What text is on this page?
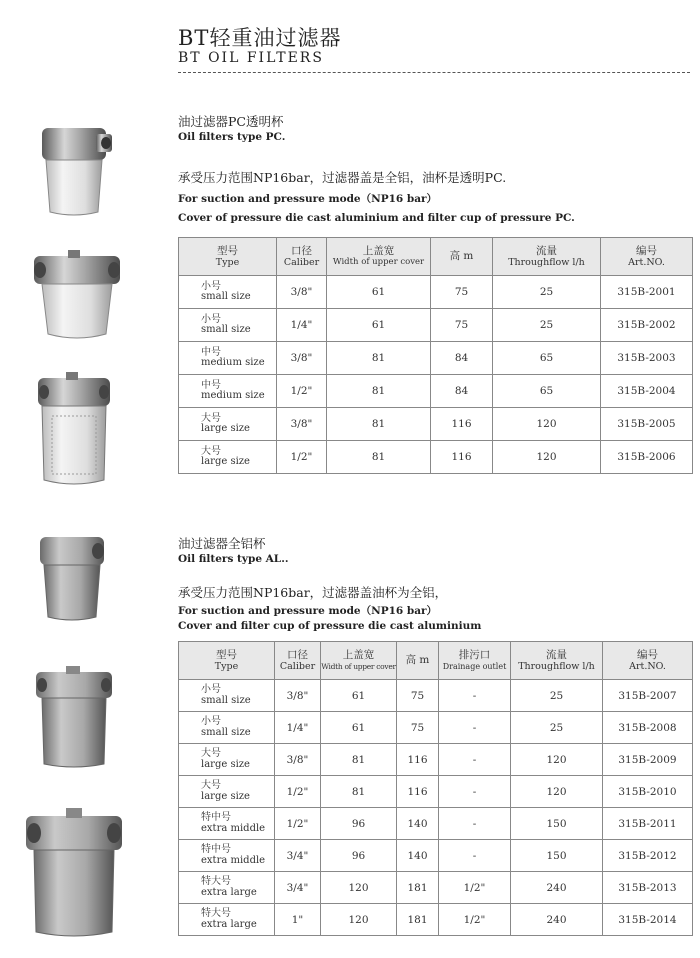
BT轻重油过滤器
BT OIL FILTERS
油过滤器PC透明杯
Oil filters type PC.
承受压力范围NP16bar，过滤器盖是全铝，油杯是透明PC.
For suction and pressure mode（NP16 bar）
Cover of pressure die cast aluminium and filter cup of pressure PC.
型号
Type	口径
Caliber	上盖宽
Width of upper cover	高 m	流量
Throughflow l/h	编号
Art.NO.

小号
small size	3/8"	61	75	25	315B-2001

小号
small size	1/4"	61	75	25	315B-2002

中号
medium size	3/8"	81	84	65	315B-2003

中号
medium size	1/2"	81	84	65	315B-2004

大号
large size	3/8"	81	116	120	315B-2005

大号
large size	1/2"	81	116	120	315B-2006
油过滤器全铝杯
Oil filters type AL..
承受压力范围NP16bar，过滤器盖油杯为全铝，
For suction and pressure mode（NP16 bar）
Cover and filter cup of pressure die cast aluminium
型号
Type	口径
Caliber	上盖宽
Width of upper cover	高 m	排污口
Drainage outlet	流量
Throughflow l/h	编号
Art.NO.

小号
small size	3/8"	61	75	-	25	315B-2007

小号
small size	1/4"	61	75	-	25	315B-2008

大号
large size	3/8"	81	116	-	120	315B-2009

大号
large size	1/2"	81	116	-	120	315B-2010

特中号
extra middle	1/2"	96	140	-	150	315B-2011

特中号
extra middle	3/4"	96	140	-	150	315B-2012

特大号
extra large	3/4"	120	181	1/2"	240	315B-2013

特大号
extra large	1"	120	181	1/2"	240	315B-2014
